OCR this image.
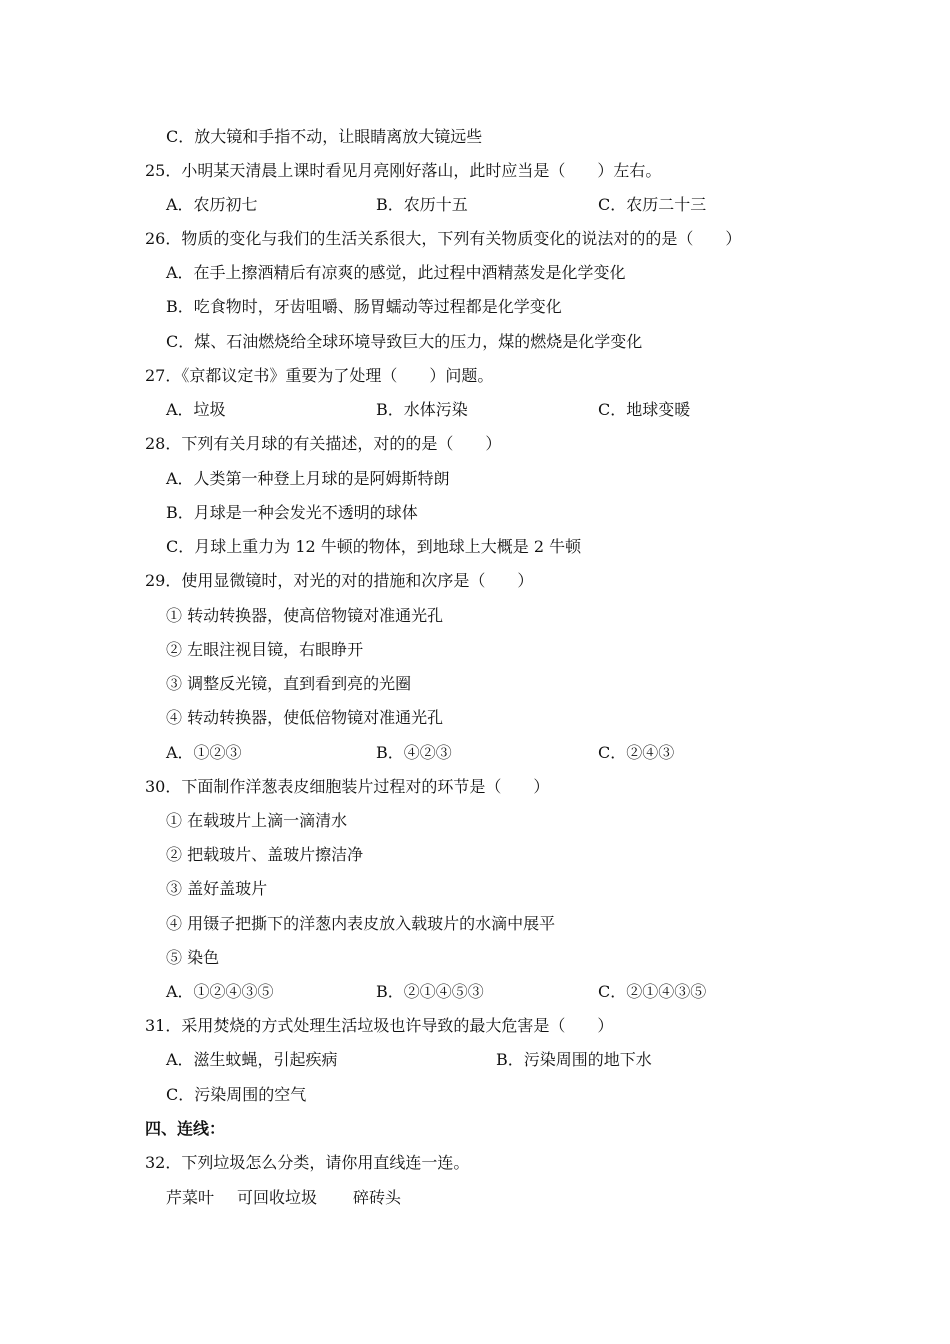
C．放大镜和手指不动，让眼睛离放大镜远些
25．小明某天清晨上课时看见月亮刚好落山，此时应当是（　　）左右。
A．农历初七	B．农历十五	C．农历二十三
26．物质的变化与我们的生活关系很大，下列有关物质变化的说法对的的是（　　）
A．在手上擦酒精后有凉爽的感觉，此过程中酒精蒸发是化学变化
B．吃食物时，牙齿咀嚼、肠胃蠕动等过程都是化学变化
C．煤、石油燃烧给全球环境导致巨大的压力，煤的燃烧是化学变化
27．《京都议定书》重要为了处理（　　）问题。
A．垃圾	B．水体污染	C．地球变暖
28．下列有关月球的有关描述，对的的是（　　）
A．人类第一种登上月球的是阿姆斯特朗
B．月球是一种会发光不透明的球体
C．月球上重力为 12 牛顿的物体，到地球上大概是 2 牛顿
29．使用显微镜时，对光的对的措施和次序是（　　）
① 转动转换器，使高倍物镜对准通光孔
② 左眼注视目镜，右眼睁开
③ 调整反光镜，直到看到亮的光圈
④ 转动转换器，使低倍物镜对准通光孔
A．①②③	B．④②③	C．②④③
30．下面制作洋葱表皮细胞装片过程对的环节是（　　）
① 在载玻片上滴一滴清水
② 把载玻片、盖玻片擦洁净
③ 盖好盖玻片
④ 用镊子把撕下的洋葱内表皮放入载玻片的水滴中展平
⑤ 染色
A．①②④③⑤	B．②①④⑤③	C．②①④③⑤
31．采用焚烧的方式处理生活垃圾也许导致的最大危害是（　　）
A．滋生蚊蝇，引起疾病	B．污染周围的地下水
C．污染周围的空气
四、连线：
32．下列垃圾怎么分类，请你用直线连一连。
芹菜叶 可回收垃圾 碎砖头
